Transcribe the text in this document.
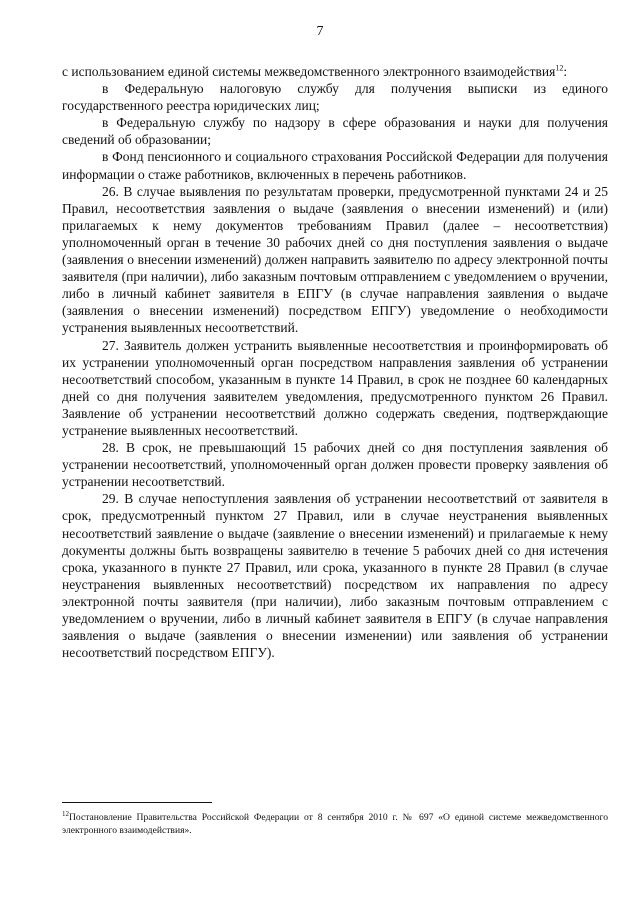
7

с использованием единой системы межведомственного электронного взаимодействия$^{12}$:

в Федеральную налоговую службу для получения выписки из единого государственного реестра юридических лиц;

в Федеральную службу по надзору в сфере образования и науки для получения сведений об образовании;

в Фонд пенсионного и социального страхования Российской Федерации для получения информации о стаже работников, включенных в перечень работников.

26. В случае выявления по результатам проверки, предусмотренной пунктами 24 и 25 Правил, несоответствия заявления о выдаче (заявления о внесении изменений) и (или) прилагаемых к нему документов требованиям Правил (далее – несоответствия) уполномоченный орган в течение 30 рабочих дней со дня поступления заявления о выдаче (заявления о внесении изменений) должен направить заявителю по адресу электронной почты заявителя (при наличии), либо заказным почтовым отправлением с уведомлением о вручении, либо в личный кабинет заявителя в ЕПГУ (в случае направления заявления о выдаче (заявления о внесении изменений) посредством ЕПГУ) уведомление о необходимости устранения выявленных несоответствий.

27. Заявитель должен устранить выявленные несоответствия и проинформировать об их устранении уполномоченный орган посредством направления заявления об устранении несоответствий способом, указанным в пункте 14 Правил, в срок не позднее 60 календарных дней со дня получения заявителем уведомления, предусмотренного пунктом 26 Правил. Заявление об устранении несоответствий должно содержать сведения, подтверждающие устранение выявленных несоответствий.

28. В срок, не превышающий 15 рабочих дней со дня поступления заявления об устранении несоответствий, уполномоченный орган должен провести проверку заявления об устранении несоответствий.

29. В случае непоступления заявления об устранении несоответствий от заявителя в срок, предусмотренный пунктом 27 Правил, или в случае неустранения выявленных несоответствий заявление о выдаче (заявление о внесении изменений) и прилагаемые к нему документы должны быть возвращены заявителю в течение 5 рабочих дней со дня истечения срока, указанного в пункте 27 Правил, или срока, указанного в пункте 28 Правил (в случае неустранения выявленных несоответствий) посредством их направления по адресу электронной почты заявителя (при наличии), либо заказным почтовым отправлением с уведомлением о вручении, либо в личный кабинет заявителя в ЕПГУ (в случае направления заявления о выдаче (заявления о внесении изменении) или заявления об устранении несоответствий посредством ЕПГУ).

$^{12}$Постановление Правительства Российской Федерации от 8 сентября 2010 г. № 697 «О единой системе межведомственного электронного взаимодействия».
